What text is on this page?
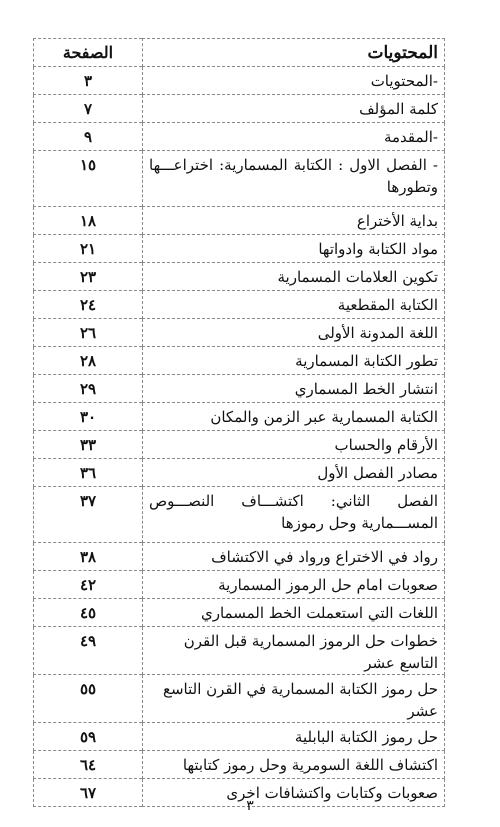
المحتويات	الصفحة
-المحتويات	٣
كلمة المؤلف	٧
-المقدمة	٩
- الفصل الاول : الكتابة المسمارية: اختراعـــها وتطورها	١٥
بداية الأختراع	١٨
مواد الكتابة وادواتها	٢١
تكوين العلامات المسمارية	٢٣
الكتابة المقطعية	٢٤
اللغة المدونة الأولى	٢٦
تطور الكتابة المسمارية	٢٨
انتشار الخط المسماري	٢٩
الكتابة المسمارية عبر الزمن والمكان	٣٠
الأرقام والحساب	٣٣
مصادر الفصل الأول	٣٦
الفصل الثاني: اكتشـــاف النصـــوص المســـمارية وحل رموزها	٣٧
رواد في الاختراع ورواد في الاكتشاف	٣٨
صعوبات امام حل الرموز المسمارية	٤٢
اللغات التي استعملت الخط المسماري	٤٥
خطوات حل الرموز المسمارية قبل القرن التاسع عشر	٤٩
حل رموز الكتابة المسمارية في القرن التاسع عشر	٥٥
حل رموز الكتابة البابلية	٥٩
اكتشاف اللغة السومرية وحل رموز كتابتها	٦٤
صعوبات وكتابات واكتشافات اخرى	٦٧
٣
